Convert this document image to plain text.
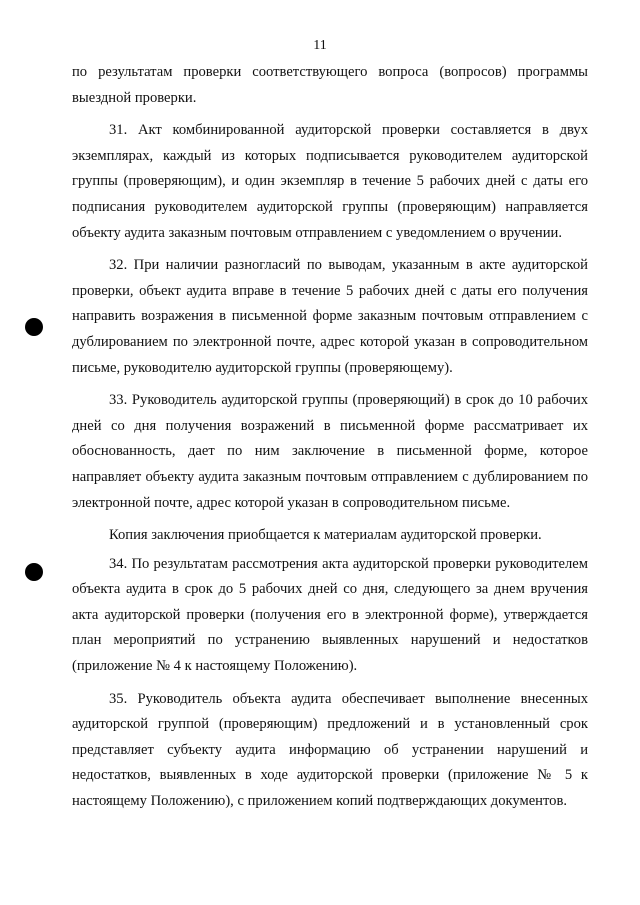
11

по результатам проверки соответствующего вопроса (вопросов) программы выездной проверки.

31. Акт комбинированной аудиторской проверки составляется в двух экземплярах, каждый из которых подписывается руководителем аудиторской группы (проверяющим), и один экземпляр в течение 5 рабочих дней с даты его подписания руководителем аудиторской группы (проверяющим) направляется объекту аудита заказным почтовым отправлением с уведомлением о вручении.

32. При наличии разногласий по выводам, указанным в акте аудиторской проверки, объект аудита вправе в течение 5 рабочих дней с даты его получения направить возражения в письменной форме заказным почтовым отправлением с дублированием по электронной почте, адрес которой указан в сопроводительном письме, руководителю аудиторской группы (проверяющему).

33. Руководитель аудиторской группы (проверяющий) в срок до 10 рабочих дней со дня получения возражений в письменной форме рассматривает их обоснованность, дает по ним заключение в письменной форме, которое направляет объекту аудита заказным почтовым отправлением с дублированием по электронной почте, адрес которой указан в сопроводительном письме.

Копия заключения приобщается к материалам аудиторской проверки.

34. По результатам рассмотрения акта аудиторской проверки руководителем объекта аудита в срок до 5 рабочих дней со дня, следующего за днем вручения акта аудиторской проверки (получения его в электронной форме), утверждается план мероприятий по устранению выявленных нарушений и недостатков (приложение № 4 к настоящему Положению).

35. Руководитель объекта аудита обеспечивает выполнение внесенных аудиторской группой (проверяющим) предложений и в установленный срок представляет субъекту аудита информацию об устранении нарушений и недостатков, выявленных в ходе аудиторской проверки (приложение № 5 к настоящему Положению), с приложением копий подтверждающих документов.
